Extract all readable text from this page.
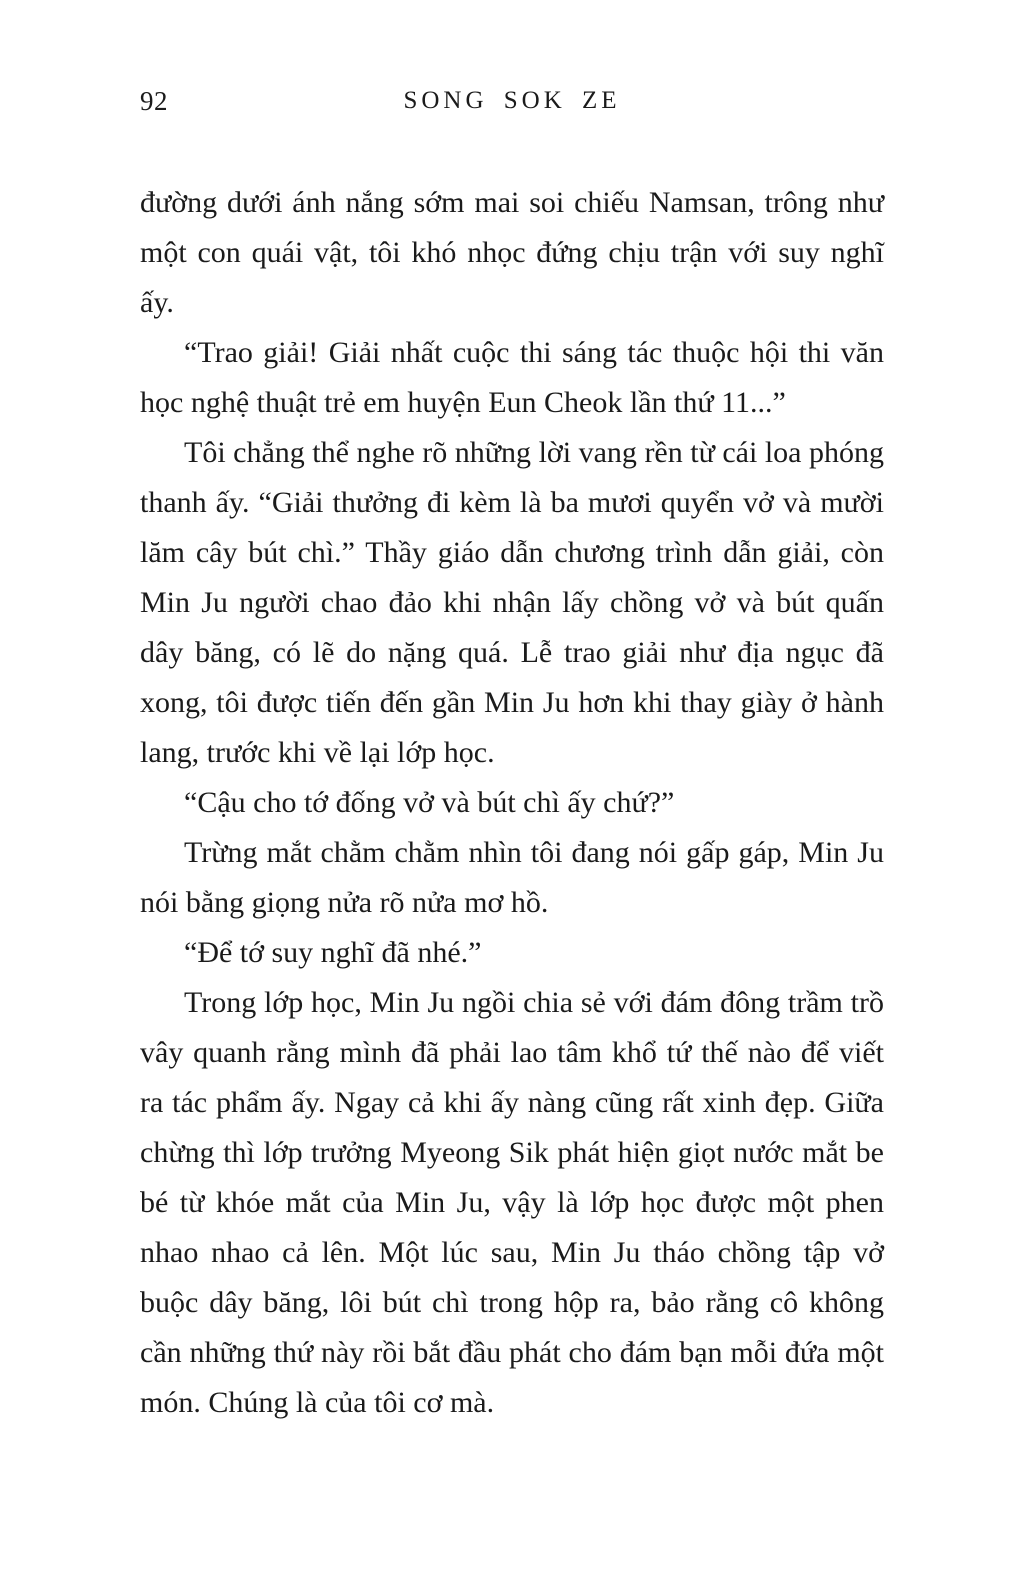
92	SONG SOK ZE

đường dưới ánh nắng sớm mai soi chiếu Namsan, trông như một con quái vật, tôi khó nhọc đứng chịu trận với suy nghĩ ấy.

“Trao giải! Giải nhất cuộc thi sáng tác thuộc hội thi văn học nghệ thuật trẻ em huyện Eun Cheok lần thứ 11...”

Tôi chẳng thể nghe rõ những lời vang rền từ cái loa phóng thanh ấy. “Giải thưởng đi kèm là ba mươi quyển vở và mười lăm cây bút chì.” Thầy giáo dẫn chương trình dẫn giải, còn Min Ju người chao đảo khi nhận lấy chồng vở và bút quấn dây băng, có lẽ do nặng quá. Lễ trao giải như địa ngục đã xong, tôi được tiến đến gần Min Ju hơn khi thay giày ở hành lang, trước khi về lại lớp học.

“Cậu cho tớ đống vở và bút chì ấy chứ?”

Trừng mắt chằm chằm nhìn tôi đang nói gấp gáp, Min Ju nói bằng giọng nửa rõ nửa mơ hồ.

“Để tớ suy nghĩ đã nhé.”

Trong lớp học, Min Ju ngồi chia sẻ với đám đông trầm trồ vây quanh rằng mình đã phải lao tâm khổ tứ thế nào để viết ra tác phẩm ấy. Ngay cả khi ấy nàng cũng rất xinh đẹp. Giữa chừng thì lớp trưởng Myeong Sik phát hiện giọt nước mắt be bé từ khóe mắt của Min Ju, vậy là lớp học được một phen nhao nhao cả lên. Một lúc sau, Min Ju tháo chồng tập vở buộc dây băng, lôi bút chì trong hộp ra, bảo rằng cô không cần những thứ này rồi bắt đầu phát cho đám bạn mỗi đứa một món. Chúng là của tôi cơ mà.
